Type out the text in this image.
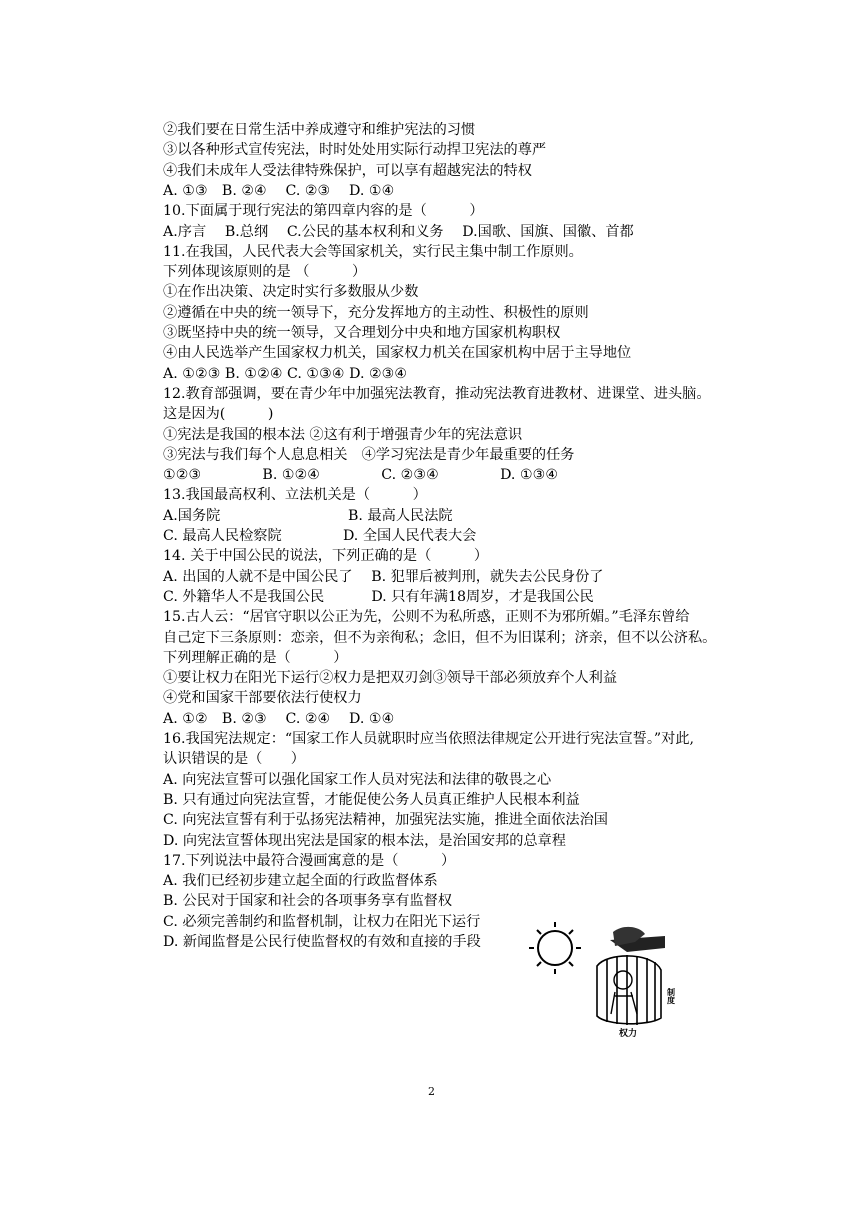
②我们要在日常生活中养成遵守和维护宪法的习惯
③以各种形式宣传宪法，时时处处用实际行动捍卫宪法的尊严
④我们未成年人受法律特殊保护，可以享有超越宪法的特权
A. ①③　B. ②④　 C. ②③　 D. ①④
10.下面属于现行宪法的第四章内容的是（　　　）
A.序言　 B.总纲　 C.公民的基本权利和义务　 D.国歌、国旗、国徽、首都
11.在我国，人民代表大会等国家机关，实行民主集中制工作原则。
下列体现该原则的是 （　　　）
①在作出决策、决定时实行多数服从少数
②遵循在中央的统一领导下，充分发挥地方的主动性、积极性的原则
③既坚持中央的统一领导，又合理划分中央和地方国家机构职权
④由人民选举产生国家权力机关，国家权力机关在国家机构中居于主导地位
A. ①②③ B. ①②④ C. ①③④ D. ②③④
12.教育部强调，要在青少年中加强宪法教育，推动宪法教育进教材、进课堂、进头脑。
这是因为(　　　)
①宪法是我国的根本法 ②这有利于增强青少年的宪法意识
③宪法与我们每个人息息相关　④学习宪法是青少年最重要的任务
①②③　　　　 B. ①②④　　　　 C. ②③④　　　　 D. ①③④
13.我国最高权利、立法机关是（　　　）
A.国务院　　　　　　　　　B. 最高人民法院
C. 最高人民检察院　　　　 D. 全国人民代表大会
14. 关于中国公民的说法，下列正确的是（　　　）
A. 出国的人就不是中国公民了　 B. 犯罪后被判刑，就失去公民身份了
C. 外籍华人不是我国公民　　　 D. 只有年满18周岁，才是我国公民
15.古人云：“居官守职以公正为先，公则不为私所惑，正则不为邪所媚。”毛泽东曾给
自己定下三条原则：恋亲，但不为亲徇私；念旧，但不为旧谋利；济亲，但不以公济私。
下列理解正确的是（　　　）
①要让权力在阳光下运行②权力是把双刃剑③领导干部必须放弃个人利益
④党和国家干部要依法行使权力
A. ①②　B. ②③　 C. ②④　 D. ①④
16.我国宪法规定：“国家工作人员就职时应当依照法律规定公开进行宪法宣誓。”对此,
认识错误的是（　　）
A. 向宪法宣誓可以强化国家工作人员对宪法和法律的敬畏之心
B. 只有通过向宪法宣誓，才能促使公务人员真正维护人民根本利益
C. 向宪法宣誓有利于弘扬宪法精神，加强宪法实施，推进全面依法治国
D. 向宪法宣誓体现出宪法是国家的根本法，是治国安邦的总章程
17.下列说法中最符合漫画寓意的是（　　　）
A. 我们已经初步建立起全面的行政监督体系
B. 公民对于国家和社会的各项事务享有监督权
C. 必须完善制约和监督机制，让权力在阳光下运行
D. 新闻监督是公民行使监督权的有效和直接的手段
权力
制度
2
